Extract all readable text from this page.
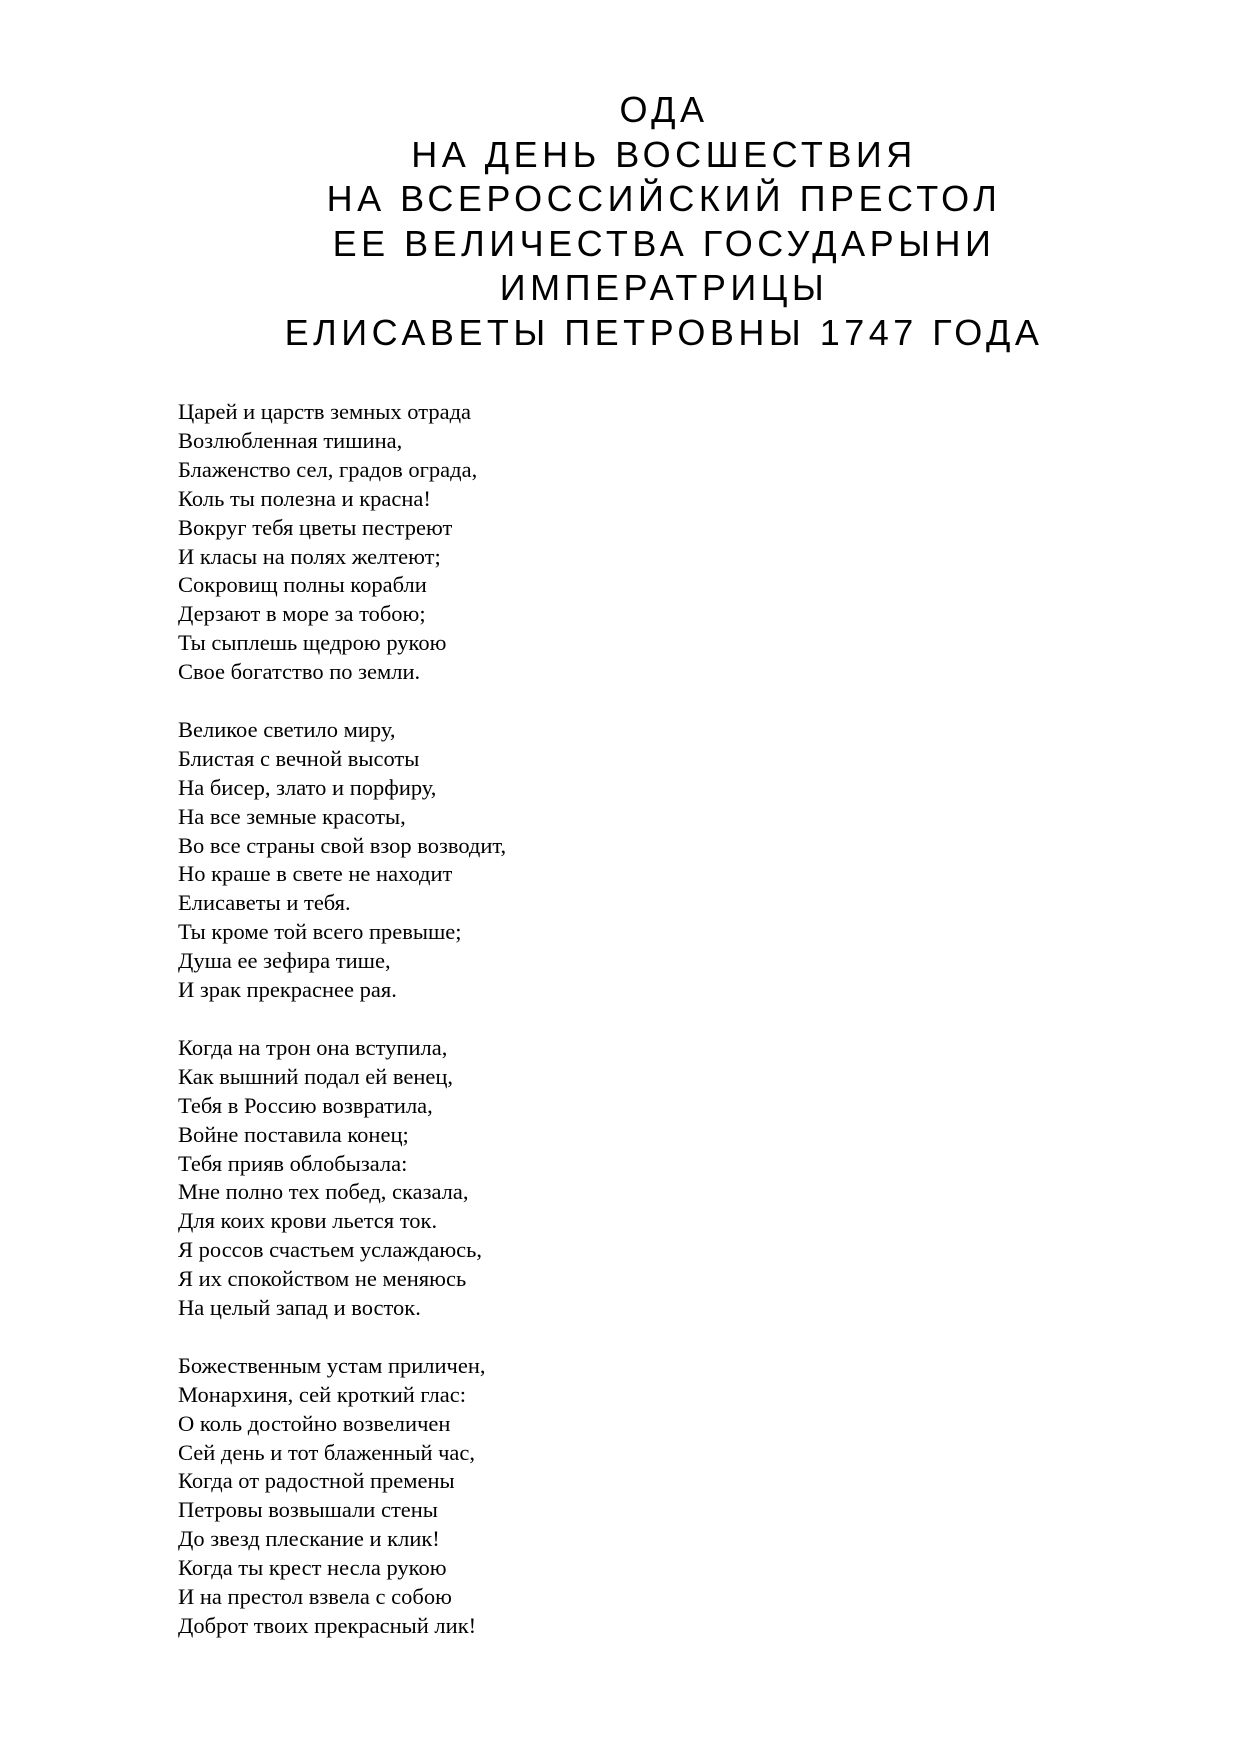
ОДА
НА ДЕНЬ ВОСШЕСТВИЯ
НА ВСЕРОССИЙСКИЙ ПРЕСТОЛ
ЕЕ ВЕЛИЧЕСТВА ГОСУДАРЫНИ
ИМПЕРАТРИЦЫ
ЕЛИСАВЕТЫ ПЕТРОВНЫ 1747 ГОДА
Царей и царств земных отрада
Возлюбленная тишина,
Блаженство сел, градов ограда,
Коль ты полезна и красна!
Вокруг тебя цветы пестреют
И класы на полях желтеют;
Сокровищ полны корабли
Дерзают в море за тобою;
Ты сыплешь щедрою рукою
Свое богатство по земли.
Великое светило миру,
Блистая с вечной высоты
На бисер, злато и порфиру,
На все земные красоты,
Во все страны свой взор возводит,
Но краше в свете не находит
Елисаветы и тебя.
Ты кроме той всего превыше;
Душа ее зефира тише,
И зрак прекраснее рая.
Когда на трон она вступила,
Как вышний подал ей венец,
Тебя в Россию возвратила,
Войне поставила конец;
Тебя прияв облобызала:
Мне полно тех побед, сказала,
Для коих крови льется ток.
Я россов счастьем услаждаюсь,
Я их спокойством не меняюсь
На целый запад и восток.
Божественным устам приличен,
Монархиня, сей кроткий глас:
О коль достойно возвеличен
Сей день и тот блаженный час,
Когда от радостной премены
Петровы возвышали стены
До звезд плескание и клик!
Когда ты крест несла рукою
И на престол взвела с собою
Доброт твоих прекрасный лик!
